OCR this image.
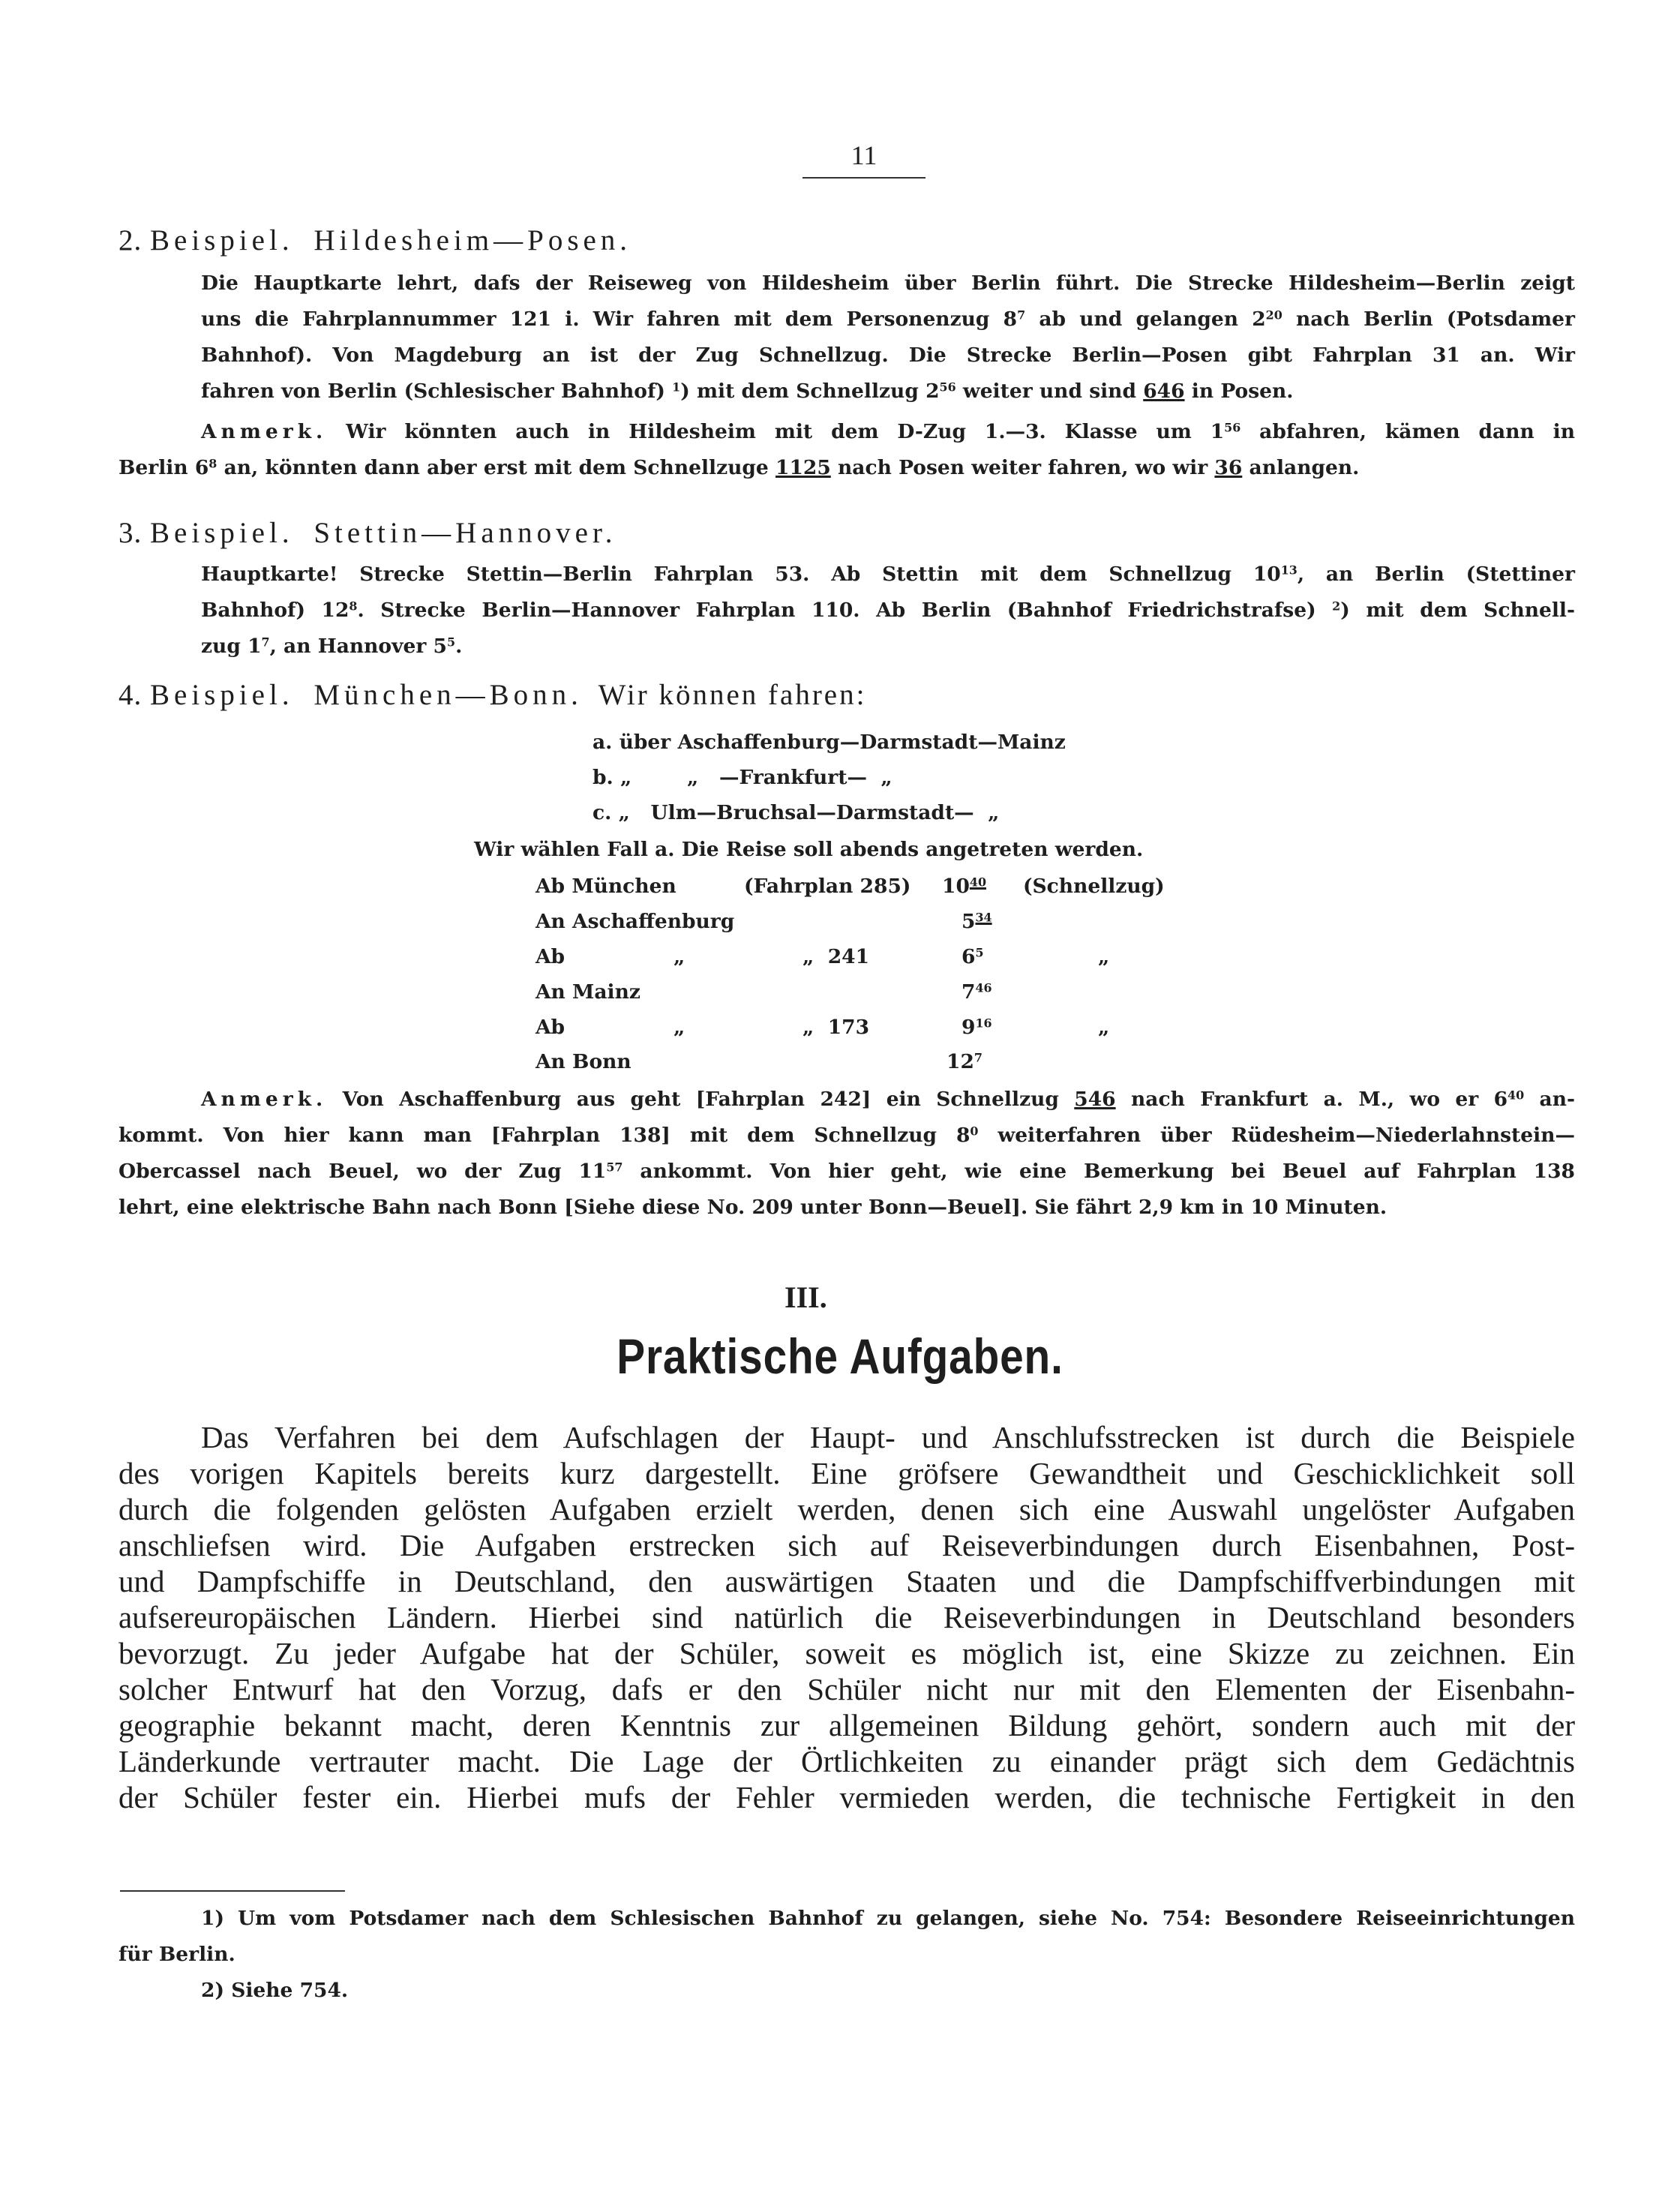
11
2. Beispiel. Hildesheim—Posen.
Die Hauptkarte lehrt, dafs der Reiseweg von Hildesheim über Berlin führt. Die Strecke Hildesheim—Berlin zeigt
uns die Fahrplannummer 121 i. Wir fahren mit dem Personenzug $8^7$ ab und gelangen $2^{20}$ nach Berlin (Potsdamer
Bahnhof). Von Magdeburg an ist der Zug Schnellzug. Die Strecke Berlin—Posen gibt Fahrplan 31 an. Wir
fahren von Berlin (Schlesischer Bahnhof) $^1$) mit dem Schnellzug $2^{56}$ weiter und sind 646 in Posen.
Anmerk. Wir könnten auch in Hildesheim mit dem D-Zug 1.—3. Klasse um $1^{56}$ abfahren, kämen dann in
Berlin $6^8$ an, könnten dann aber erst mit dem Schnellzuge 1125 nach Posen weiter fahren, wo wir 36 anlangen.
3. Beispiel. Stettin—Hannover.
Hauptkarte! Strecke Stettin—Berlin Fahrplan 53. Ab Stettin mit dem Schnellzug $10^{13}$, an Berlin (Stettiner
Bahnhof) $12^8$. Strecke Berlin—Hannover Fahrplan 110. Ab Berlin (Bahnhof Friedrichstrafse) $^2$) mit dem Schnell-
zug $1^7$, an Hannover $5^5$.
4. Beispiel. München—Bonn. Wir können fahren:
a. über Aschaffenburg—Darmstadt—Mainz
b. „        „   —Frankfurt—  „
c. „   Ulm—Bruchsal—Darmstadt—  „
Wir wählen Fall a. Die Reise soll abends angetreten werden.
Ab München	(Fahrplan 285) $10^{40}$ (Schnellzug)
An Aschaffenburg	$5^{34}$
Ab	„	„  241	$6^5$	„
An Mainz	$7^{46}$
Ab	„	„  173	$9^{16}$	„
An Bonn	$12^7$
Anmerk. Von Aschaffenburg aus geht [Fahrplan 242] ein Schnellzug 546 nach Frankfurt a. M., wo er $6^{40}$ an-
kommt. Von hier kann man [Fahrplan 138] mit dem Schnellzug $8^0$ weiterfahren über Rüdesheim—Niederlahnstein—
Obercassel nach Beuel, wo der Zug $11^{57}$ ankommt. Von hier geht, wie eine Bemerkung bei Beuel auf Fahrplan 138
lehrt, eine elektrische Bahn nach Bonn [Siehe diese No. 209 unter Bonn—Beuel]. Sie fährt 2,9 km in 10 Minuten.
III.
Praktische Aufgaben.
Das Verfahren bei dem Aufschlagen der Haupt- und Anschlufsstrecken ist durch die Beispiele
des vorigen Kapitels bereits kurz dargestellt. Eine gröfsere Gewandtheit und Geschicklichkeit soll
durch die folgenden gelösten Aufgaben erzielt werden, denen sich eine Auswahl ungelöster Aufgaben
anschliefsen wird. Die Aufgaben erstrecken sich auf Reiseverbindungen durch Eisenbahnen, Post-
und Dampfschiffe in Deutschland, den auswärtigen Staaten und die Dampfschiffverbindungen mit
aufsereuropäischen Ländern. Hierbei sind natürlich die Reiseverbindungen in Deutschland besonders
bevorzugt. Zu jeder Aufgabe hat der Schüler, soweit es möglich ist, eine Skizze zu zeichnen. Ein
solcher Entwurf hat den Vorzug, dafs er den Schüler nicht nur mit den Elementen der Eisenbahn-
geographie bekannt macht, deren Kenntnis zur allgemeinen Bildung gehört, sondern auch mit der
Länderkunde vertrauter macht. Die Lage der Örtlichkeiten zu einander prägt sich dem Gedächtnis
der Schüler fester ein. Hierbei mufs der Fehler vermieden werden, die technische Fertigkeit in den
1) Um vom Potsdamer nach dem Schlesischen Bahnhof zu gelangen, siehe No. 754: Besondere Reiseeinrichtungen
für Berlin.
2) Siehe 754.
